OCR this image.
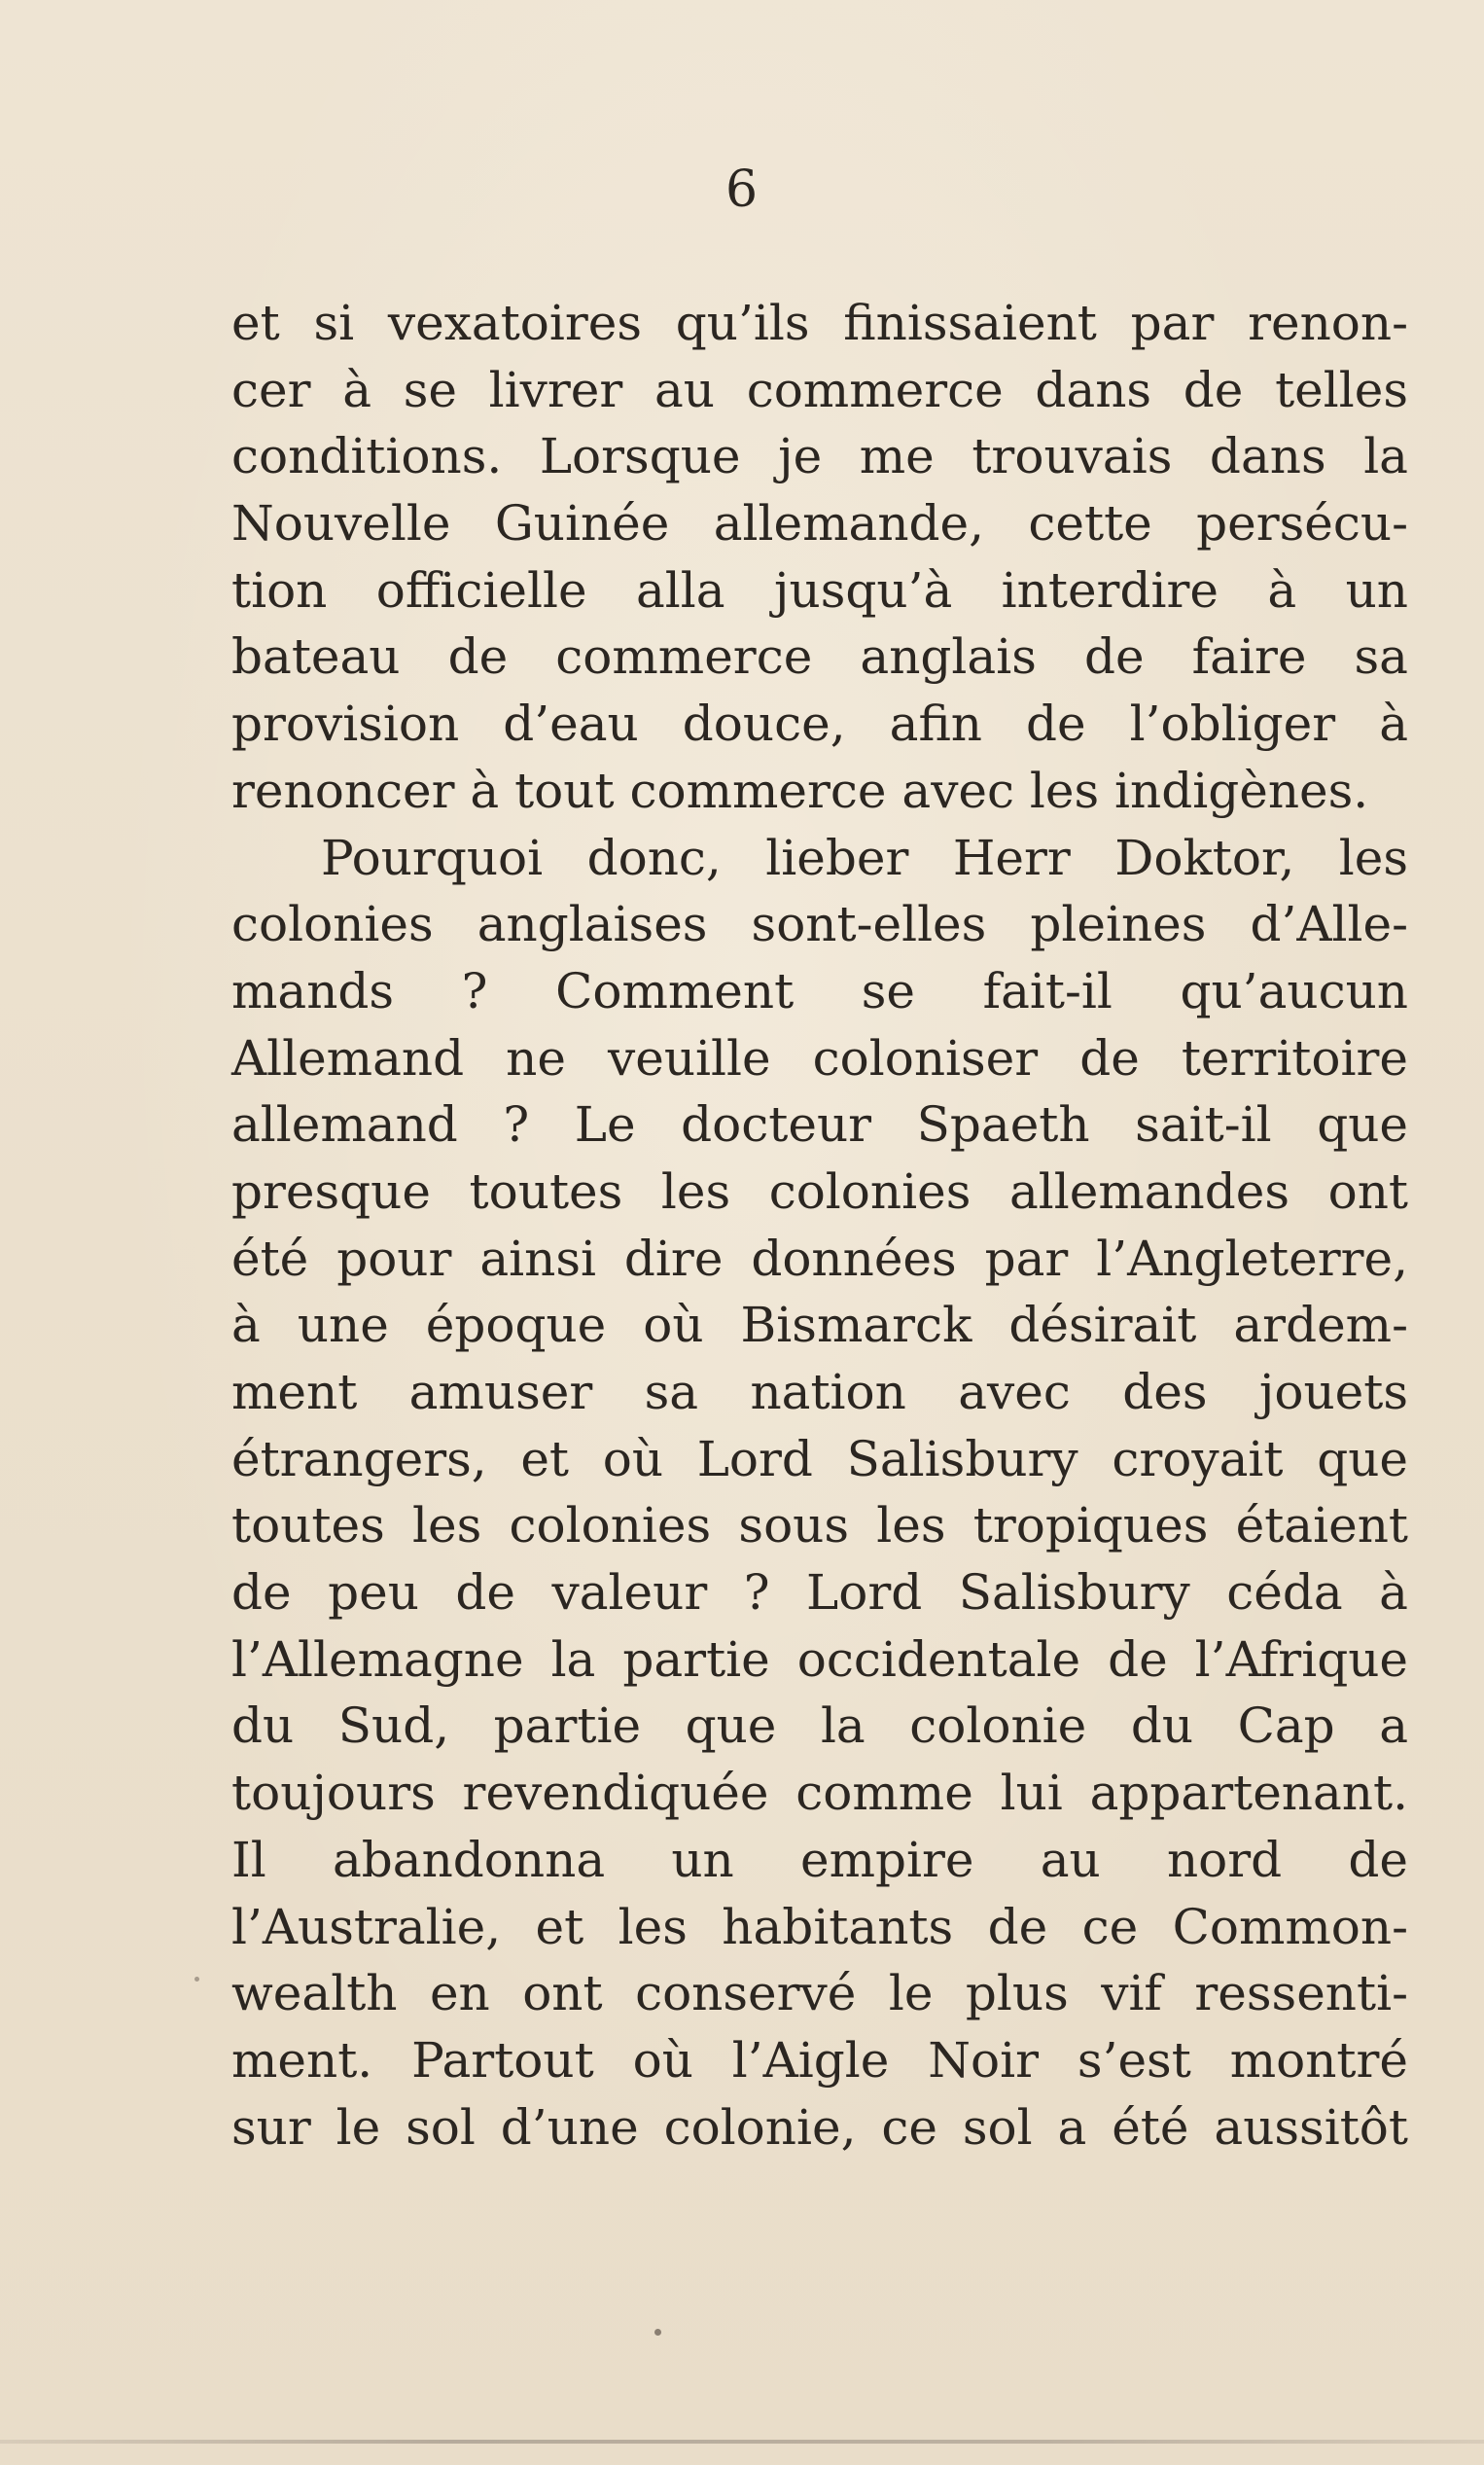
6
et si vexatoires qu’ils finissaient par renon-
cer à se livrer au commerce dans de telles
conditions. Lorsque je me trouvais dans la
Nouvelle Guinée allemande, cette persécu-
tion officielle alla jusqu’à interdire à un
bateau de commerce anglais de faire sa
provision d’eau douce, afin de l’obliger à
renoncer à tout commerce avec les indigènes.
Pourquoi donc, lieber Herr Doktor, les
colonies anglaises sont-elles pleines d’Alle-
mands ? Comment se fait-il qu’aucun
Allemand ne veuille coloniser de territoire
allemand ? Le docteur Spaeth sait-il que
presque toutes les colonies allemandes ont
été pour ainsi dire données par l’Angleterre,
à une époque où Bismarck désirait ardem-
ment amuser sa nation avec des jouets
étrangers, et où Lord Salisbury croyait que
toutes les colonies sous les tropiques étaient
de peu de valeur ? Lord Salisbury céda à
l’Allemagne la partie occidentale de l’Afrique
du Sud, partie que la colonie du Cap a
toujours revendiquée comme lui appartenant.
Il abandonna un empire au nord de
l’Australie, et les habitants de ce Common-
wealth en ont conservé le plus vif ressenti-
ment. Partout où l’Aigle Noir s’est montré
sur le sol d’une colonie, ce sol a été aussitôt
